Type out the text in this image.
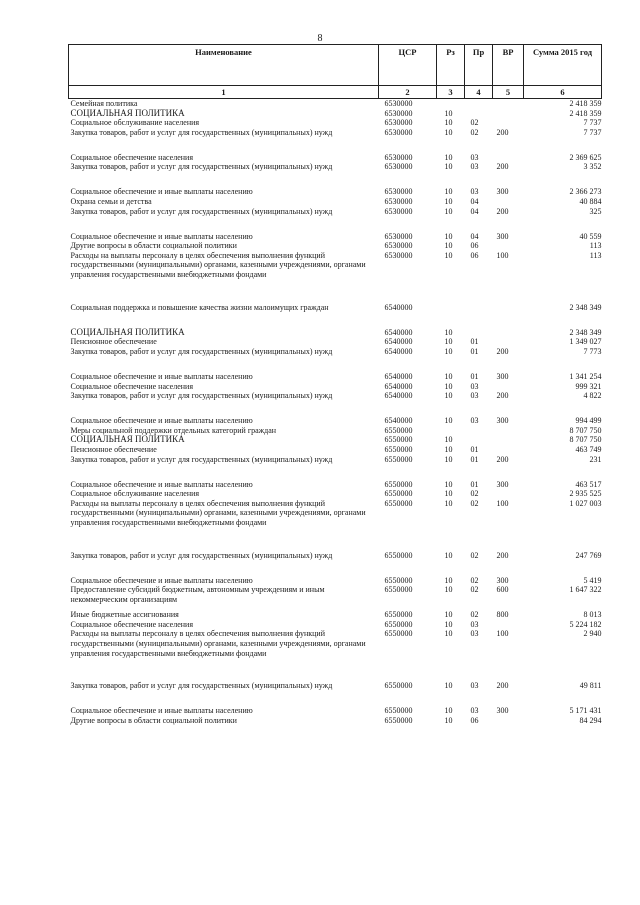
8
Наименование	ЦСР	Рз	Пр	ВР	Сумма 2015 год
1	2	3	4	5	6
Семейная политика	6530000				2 418 359
СОЦИАЛЬНАЯ ПОЛИТИКА	6530000	10			2 418 359
Социальное обслуживание населения	6530000	10	02		7 737
Закупка товаров, работ и услуг для государственных (муниципальных) нужд	6530000	10	02	200	7 737
Социальное обеспечение населения	6530000	10	03		2 369 625
Закупка товаров, работ и услуг для государственных (муниципальных) нужд	6530000	10	03	200	3 352
Социальное обеспечение и иные выплаты населению	6530000	10	03	300	2 366 273
Охрана семьи и детства	6530000	10	04		40 884
Закупка товаров, работ и услуг для государственных (муниципальных) нужд	6530000	10	04	200	325
Социальное обеспечение и иные выплаты населению	6530000	10	04	300	40 559
Другие вопросы в области социальной политики	6530000	10	06		113
Расходы на выплаты персоналу в целях обеспечения выполнения функций государственными (муниципальными) органами, казенными учреждениями, органами управления государственными внебюджетными фондами	6530000	10	06	100	113
Социальная поддержка и повышение качества жизни малоимущих граждан	6540000				2 348 349
СОЦИАЛЬНАЯ ПОЛИТИКА	6540000	10			2 348 349
Пенсионное обеспечение	6540000	10	01		1 349 027
Закупка товаров, работ и услуг для государственных (муниципальных) нужд	6540000	10	01	200	7 773
Социальное обеспечение и иные выплаты населению	6540000	10	01	300	1 341 254
Социальное обеспечение населения	6540000	10	03		999 321
Закупка товаров, работ и услуг для государственных (муниципальных) нужд	6540000	10	03	200	4 822
Социальное обеспечение и иные выплаты населению	6540000	10	03	300	994 499
Меры социальной поддержки отдельных категорий граждан	6550000				8 707 750
СОЦИАЛЬНАЯ ПОЛИТИКА	6550000	10			8 707 750
Пенсионное обеспечение	6550000	10	01		463 749
Закупка товаров, работ и услуг для государственных (муниципальных) нужд	6550000	10	01	200	231
Социальное обеспечение и иные выплаты населению	6550000	10	01	300	463 517
Социальное обслуживание населения	6550000	10	02		2 935 525
Расходы на выплаты персоналу в целях обеспечения выполнения функций государственными (муниципальными) органами, казенными учреждениями, органами управления государственными внебюджетными фондами	6550000	10	02	100	1 027 003
Закупка товаров, работ и услуг для государственных (муниципальных) нужд	6550000	10	02	200	247 769
Социальное обеспечение и иные выплаты населению	6550000	10	02	300	5 419
Предоставление субсидий бюджетным, автономным учреждениям и иным некоммерческим организациям	6550000	10	02	600	1 647 322
Иные бюджетные ассигнования	6550000	10	02	800	8 013
Социальное обеспечение населения	6550000	10	03		5 224 182
Расходы на выплаты персоналу в целях обеспечения выполнения функций государственными (муниципальными) органами, казенными учреждениями, органами управления государственными внебюджетными фондами	6550000	10	03	100	2 940
Закупка товаров, работ и услуг для государственных (муниципальных) нужд	6550000	10	03	200	49 811
Социальное обеспечение и иные выплаты населению	6550000	10	03	300	5 171 431
Другие вопросы в области социальной политики	6550000	10	06		84 294
